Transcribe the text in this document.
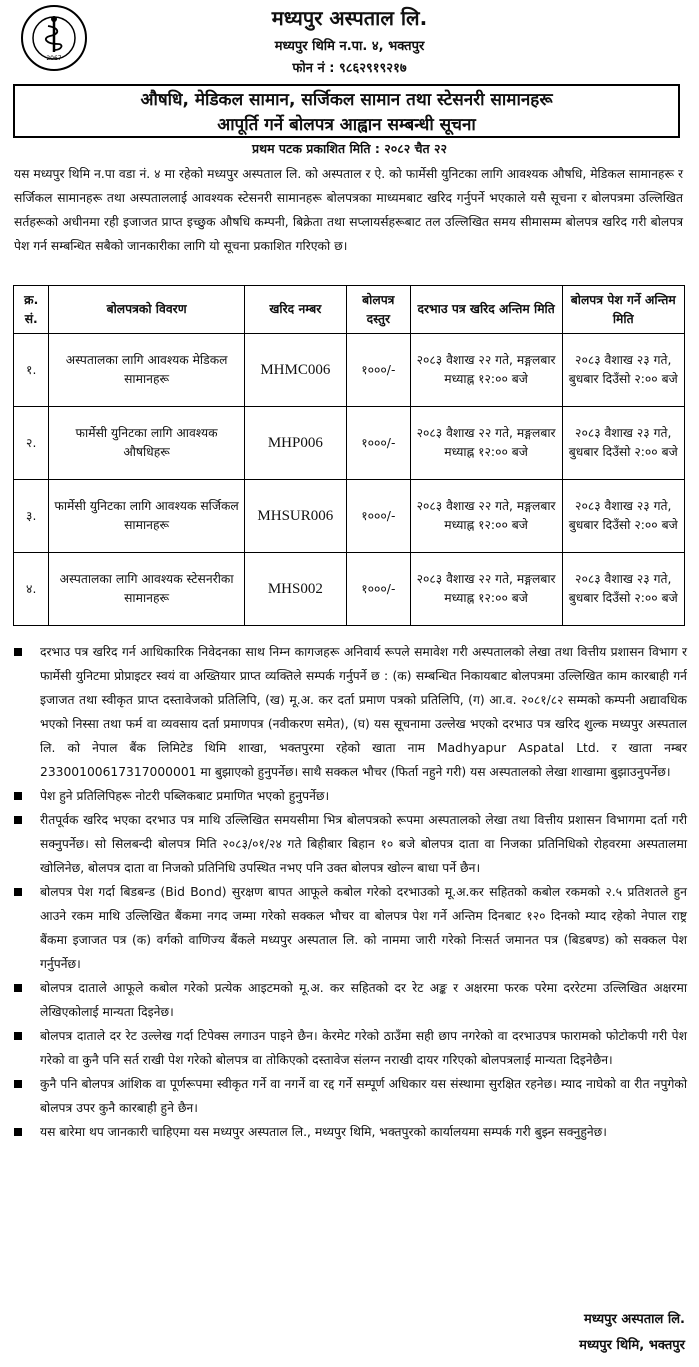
2067
मध्यपुर अस्पताल लि.
मध्यपुर थिमि न.पा. ४, भक्तपुर
फोन नं : ९८६२९१९२१७
औषधि, मेडिकल सामान, सर्जिकल सामान तथा स्टेसनरी सामानहरू
आपूर्ति गर्ने बोलपत्र आह्वान सम्बन्धी सूचना
प्रथम पटक प्रकाशित मिति : २०८२ चैत २२
यस मध्यपुर थिमि न.पा वडा नं. ४ मा रहेको मध्यपुर अस्पताल लि. को अस्पताल र ऐ. को फार्मेसी युनिटका लागि आवश्यक औषधि, मेडिकल सामानहरू र सर्जिकल सामानहरू तथा अस्पताललाई आवश्यक स्टेसनरी सामानहरू बोलपत्रका माध्यमबाट खरिद गर्नुपर्ने भएकाले यसै सूचना र बोलपत्रमा उल्लिखित सर्तहरूको अधीनमा रही इजाजत प्राप्त इच्छुक औषधि कम्पनी, बिक्रेता तथा सप्लायर्सहरूबाट तल उल्लिखित समय सीमासम्म बोलपत्र खरिद गरी बोलपत्र पेश गर्न सम्बन्धित सबैको जानकारीका लागि यो सूचना प्रकाशित गरिएको छ।
क्र. सं.	बोलपत्रको विवरण	खरिद नम्बर	बोलपत्र दस्तुर	दरभाउ पत्र खरिद अन्तिम मिति	बोलपत्र पेश गर्ने अन्तिम मिति
१.	अस्पतालका लागि आवश्यक मेडिकल सामानहरू	MHMC006	१०००/-	२०८३ वैशाख २२ गते, मङ्गलबार मध्याह्न १२:०० बजे	२०८३ वैशाख २३ गते, बुधबार दिउँसो २:०० बजे
२.	फार्मेसी युनिटका लागि आवश्यक औषधिहरू	MHP006	१०००/-	२०८३ वैशाख २२ गते, मङ्गलबार मध्याह्न १२:०० बजे	२०८३ वैशाख २३ गते, बुधबार दिउँसो २:०० बजे
३.	फार्मेसी युनिटका लागि आवश्यक सर्जिकल सामानहरू	MHSUR006	१०००/-	२०८३ वैशाख २२ गते, मङ्गलबार मध्याह्न १२:०० बजे	२०८३ वैशाख २३ गते, बुधबार दिउँसो २:०० बजे
४.	अस्पतालका लागि आवश्यक स्टेसनरीका सामानहरू	MHS002	१०००/-	२०८३ वैशाख २२ गते, मङ्गलबार मध्याह्न १२:०० बजे	२०८३ वैशाख २३ गते, बुधबार दिउँसो २:०० बजे
दरभाउ पत्र खरिद गर्न आधिकारिक निवेदनका साथ निम्न कागजहरू अनिवार्य रूपले समावेश गरी अस्पतालको लेखा तथा वित्तीय प्रशासन विभाग र फार्मेसी युनिटमा प्रोप्राइटर स्वयं वा अख्तियार प्राप्त व्यक्तिले सम्पर्क गर्नुपर्ने छ : (क) सम्बन्धित निकायबाट बोलपत्रमा उल्लिखित काम कारबाही गर्न इजाजत तथा स्वीकृत प्राप्त दस्तावेजको प्रतिलिपि, (ख) मू.अ. कर दर्ता प्रमाण पत्रको प्रतिलिपि, (ग) आ.व. २०८१/८२ सम्मको कम्पनी अद्यावधिक भएको निस्सा तथा फर्म वा व्यवसाय दर्ता प्रमाणपत्र (नवीकरण समेत), (घ) यस सूचनामा उल्लेख भएको दरभाउ पत्र खरिद शुल्क मध्यपुर अस्पताल लि. को नेपाल बैंक लिमिटेड थिमि शाखा, भक्तपुरमा रहेको खाता नाम Madhyapur Aspatal Ltd. र खाता नम्बर 23300100617317000001 मा बुझाएको हुनुपर्नेछ। साथै सक्कल भौचर (फिर्ता नहुने गरी) यस अस्पतालको लेखा शाखामा बुझाउनुपर्नेछ।
पेश हुने प्रतिलिपिहरू नोटरी पब्लिकबाट प्रमाणित भएको हुनुपर्नेछ।
रीतपूर्वक खरिद भएका दरभाउ पत्र माथि उल्लिखित समयसीमा भित्र बोलपत्रको रूपमा अस्पतालको लेखा तथा वित्तीय प्रशासन विभागमा दर्ता गरी सक्नुपर्नेछ। सो सिलबन्दी बोलपत्र मिति २०८३/०१/२४ गते बिहीबार बिहान १० बजे बोलपत्र दाता वा निजका प्रतिनिधिको रोहवरमा अस्पतालमा खोलिनेछ, बोलपत्र दाता वा निजको प्रतिनिधि उपस्थित नभए पनि उक्त बोलपत्र खोल्न बाधा पर्ने छैन।
बोलपत्र पेश गर्दा बिडबन्ड (Bid Bond) सुरक्षण बापत आफूले कबोल गरेको दरभाउको मू.अ.कर सहितको कबोल रकमको २.५ प्रतिशतले हुन आउने रकम माथि उल्लिखित बैंकमा नगद जम्मा गरेको सक्कल भौचर वा बोलपत्र पेश गर्ने अन्तिम दिनबाट १२० दिनको म्याद रहेको नेपाल राष्ट्र बैंकमा इजाजत पत्र (क) वर्गको वाणिज्य बैंकले मध्यपुर अस्पताल लि. को नाममा जारी गरेको निःसर्त जमानत पत्र (बिडबण्ड) को सक्कल पेश गर्नुपर्नेछ।
बोलपत्र दाताले आफूले कबोल गरेको प्रत्येक आइटमको मू.अ. कर सहितको दर रेट अङ्क र अक्षरमा फरक परेमा दररेटमा उल्लिखित अक्षरमा लेखिएकोलाई मान्यता दिइनेछ।
बोलपत्र दाताले दर रेट उल्लेख गर्दा टिपेक्स लगाउन पाइने छैन। केरमेट गरेको ठाउँमा सही छाप नगरेको वा दरभाउपत्र फारामको फोटोकपी गरी पेश गरेको वा कुनै पनि सर्त राखी पेश गरेको बोलपत्र वा तोकिएको दस्तावेज संलग्न नराखी दायर गरिएको बोलपत्रलाई मान्यता दिइनेछैन।
कुनै पनि बोलपत्र आंशिक वा पूर्णरूपमा स्वीकृत गर्ने वा नगर्ने वा रद्द गर्ने सम्पूर्ण अधिकार यस संस्थामा सुरक्षित रहनेछ। म्याद नाघेको वा रीत नपुगेको बोलपत्र उपर कुनै कारबाही हुने छैन।
यस बारेमा थप जानकारी चाहिएमा यस मध्यपुर अस्पताल लि., मध्यपुर थिमि, भक्तपुरको कार्यालयमा सम्पर्क गरी बुझ्न सक्नुहुनेछ।
मध्यपुर अस्पताल लि.
मध्यपुर थिमि, भक्तपुर
